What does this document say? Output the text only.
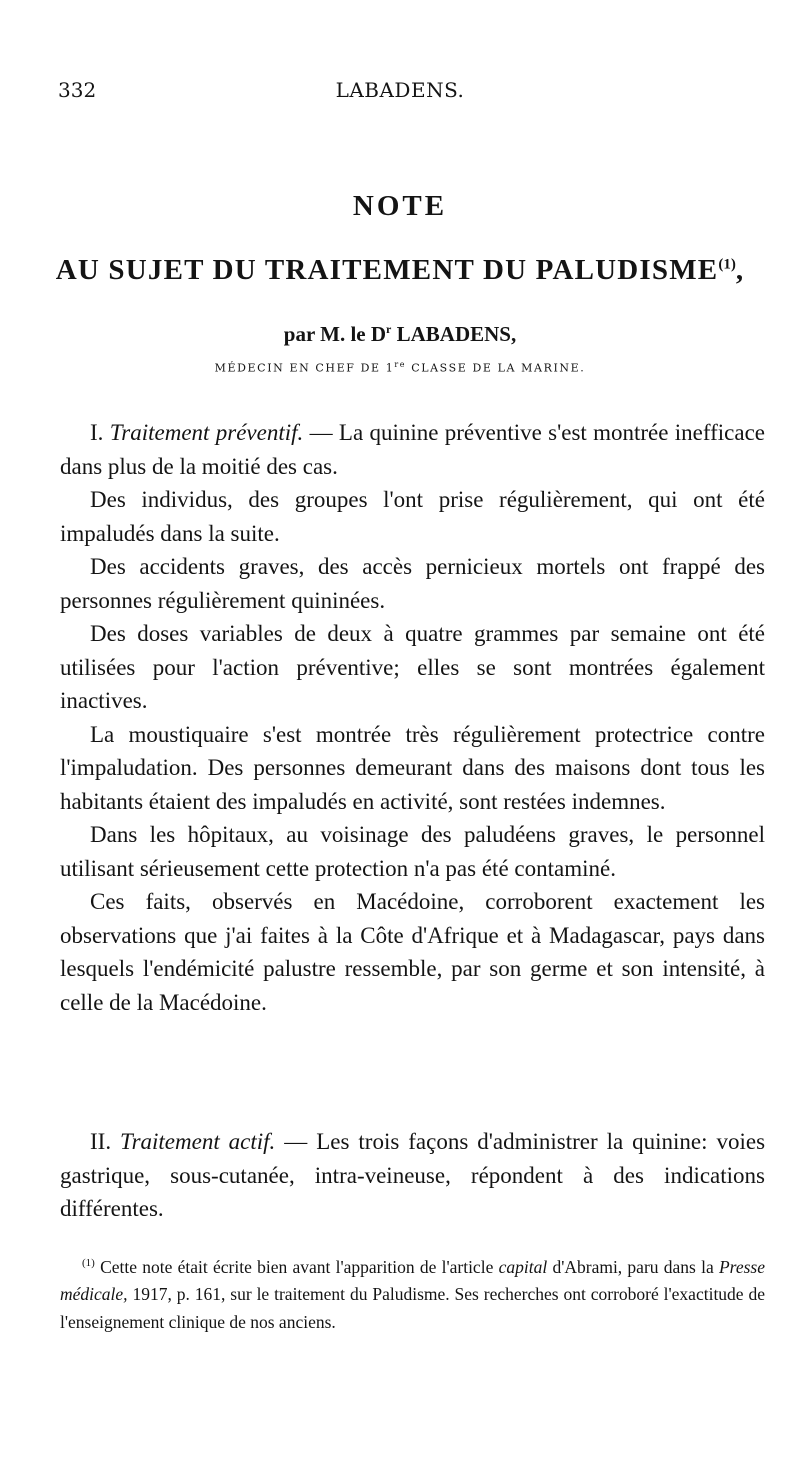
332	LABADENS.
NOTE
AU SUJET DU TRAITEMENT DU PALUDISME$^{(1)}$,
par M. le $D^r$ LABADENS,
MÉDECIN EN CHEF DE 1re CLASSE DE LA MARINE.

I. Traitement préventif. — La quinine préventive s'est montrée inefficace dans plus de la moitié des cas.

Des individus, des groupes l'ont prise régulièrement, qui ont été impaludés dans la suite.

Des accidents graves, des accès pernicieux mortels ont frappé des personnes régulièrement quininées.

Des doses variables de deux à quatre grammes par semaine ont été utilisées pour l'action préventive; elles se sont montrées également inactives.

La moustiquaire s'est montrée très régulièrement protectrice contre l'impaludation. Des personnes demeurant dans des maisons dont tous les habitants étaient des impaludés en activité, sont restées indemnes.

Dans les hôpitaux, au voisinage des paludéens graves, le personnel utilisant sérieusement cette protection n'a pas été contaminé.

Ces faits, observés en Macédoine, corroborent exactement les observations que j'ai faites à la Côte d'Afrique et à Madagascar, pays dans lesquels l'endémicité palustre ressemble, par son germe et son intensité, à celle de la Macédoine.

II. Traitement actif. — Les trois façons d'administrer la quinine: voies gastrique, sous-cutanée, intra-veineuse, répondent à des indications différentes.

$^{(1)}$ Cette note était écrite bien avant l'apparition de l'article capital d'Abrami, paru dans la Presse médicale, 1917, p. 161, sur le traitement du Paludisme. Ses recherches ont corroboré l'exactitude de l'enseignement clinique de nos anciens.
